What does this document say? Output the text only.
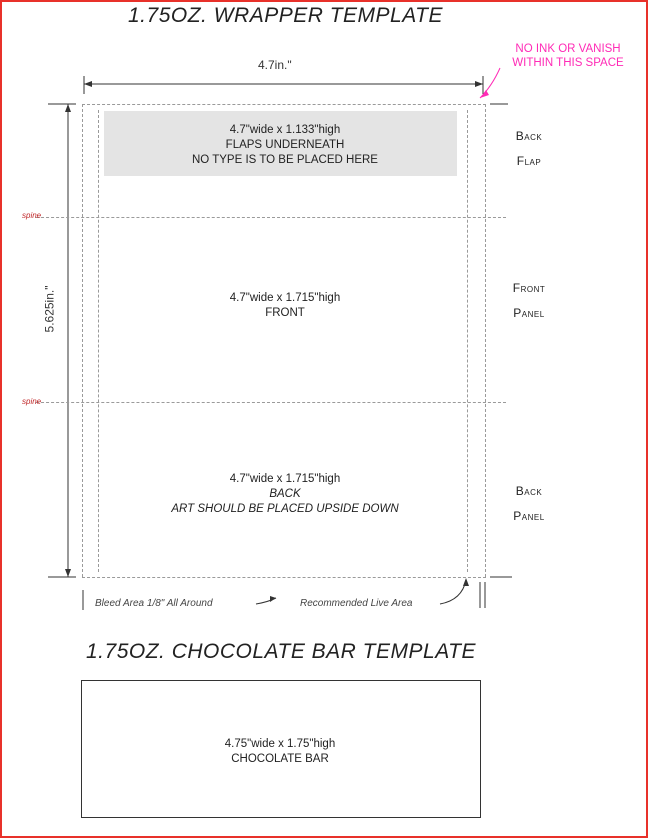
1.75OZ. WRAPPER TEMPLATE
4.7in."
5.625in."
NO INK OR VANISH WITHIN THIS SPACE
spine
spine
4.7"wide x 1.133"high
FLAPS UNDERNEATH
NO TYPE IS TO BE PLACED HERE
Back
Flap
4.7"wide x 1.715"high
FRONT
Front
Panel
4.7"wide x 1.715"high
BACK
ART SHOULD BE PLACED UPSIDE DOWN
Back
Panel
Bleed Area 1/8" All Around	Recommended Live Area
1.75OZ. CHOCOLATE BAR TEMPLATE
4.75"wide x 1.75"high
CHOCOLATE BAR
